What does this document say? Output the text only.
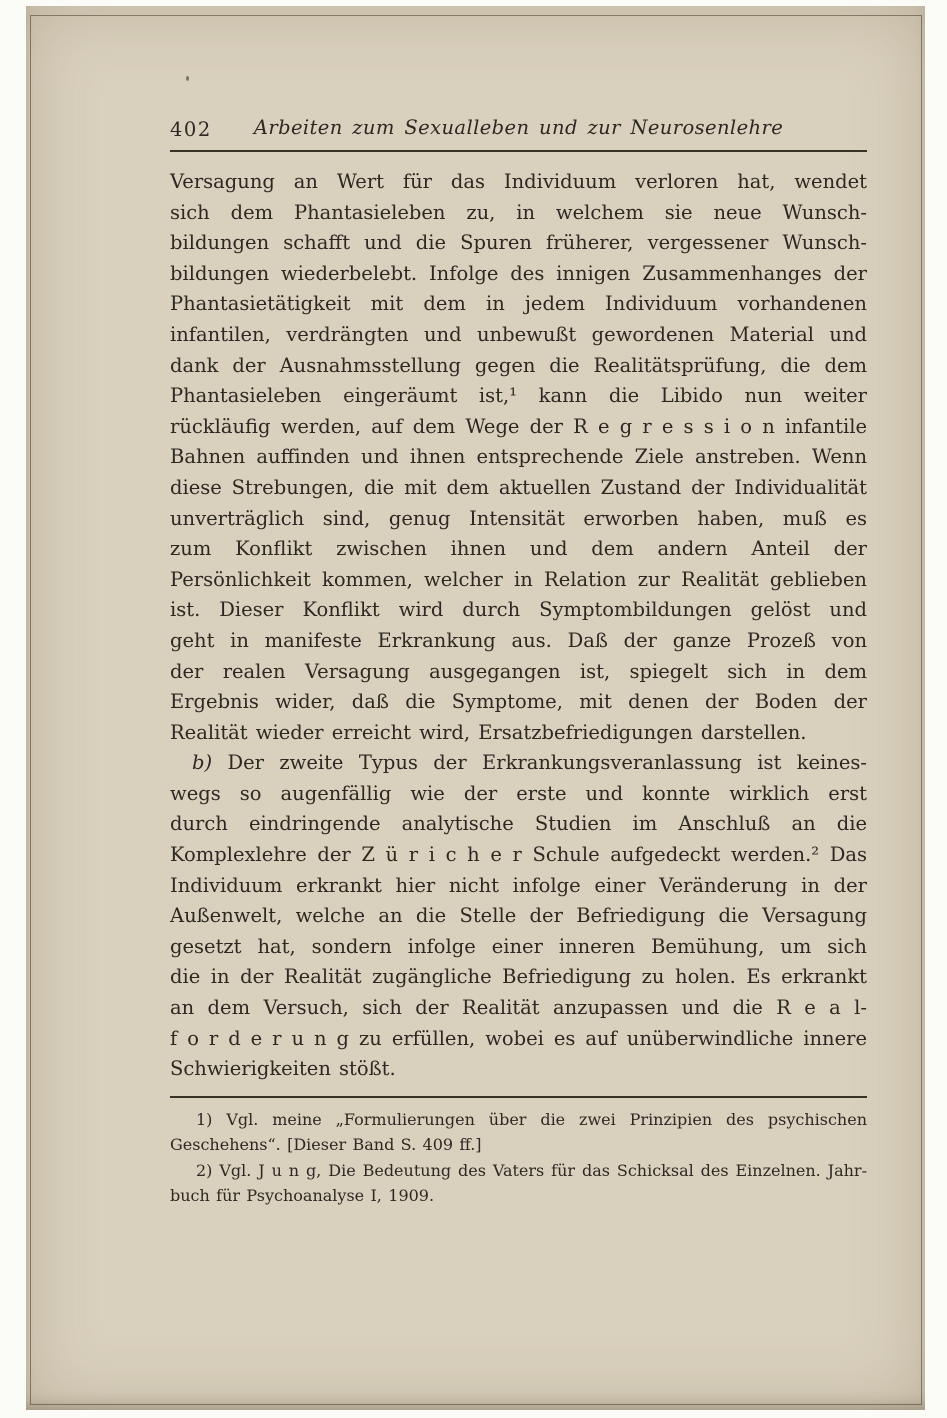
402	Arbeiten zum Sexualleben und zur Neurosenlehre
Versagung an Wert für das Individuum verloren hat, wendet
sich dem Phantasieleben zu, in welchem sie neue Wunsch-
bildungen schafft und die Spuren früherer, vergessener Wunsch-
bildungen wiederbelebt. Infolge des innigen Zusammenhanges der
Phantasietätigkeit mit dem in jedem Individuum vorhandenen
infantilen, verdrängten und unbewußt gewordenen Material und
dank der Ausnahmsstellung gegen die Realitätsprüfung, die dem
Phantasieleben eingeräumt ist,¹ kann die Libido nun weiter
rückläufig werden, auf dem Wege der R e g r e s s i o n infantile
Bahnen auffinden und ihnen entsprechende Ziele anstreben. Wenn
diese Strebungen, die mit dem aktuellen Zustand der Individualität
unverträglich sind, genug Intensität erworben haben, muß es
zum Konflikt zwischen ihnen und dem andern Anteil der
Persönlichkeit kommen, welcher in Relation zur Realität geblieben
ist. Dieser Konflikt wird durch Symptombildungen gelöst und
geht in manifeste Erkrankung aus. Daß der ganze Prozeß von
der realen Versagung ausgegangen ist, spiegelt sich in dem
Ergebnis wider, daß die Symptome, mit denen der Boden der
Realität wieder erreicht wird, Ersatzbefriedigungen darstellen.
b) Der zweite Typus der Erkrankungsveranlassung ist keines-
wegs so augenfällig wie der erste und konnte wirklich erst
durch eindringende analytische Studien im Anschluß an die
Komplexlehre der Z ü r i c h e r Schule aufgedeckt werden.² Das
Individuum erkrankt hier nicht infolge einer Veränderung in der
Außenwelt, welche an die Stelle der Befriedigung die Versagung
gesetzt hat, sondern infolge einer inneren Bemühung, um sich
die in der Realität zugängliche Befriedigung zu holen. Es erkrankt
an dem Versuch, sich der Realität anzupassen und die R e a l-
f o r d e r u n g zu erfüllen, wobei es auf unüberwindliche innere
Schwierigkeiten stößt.
1) Vgl. meine „Formulierungen über die zwei Prinzipien des psychischen
Geschehens“. [Dieser Band S. 409 ff.]
2) Vgl. J u n g, Die Bedeutung des Vaters für das Schicksal des Einzelnen. Jahr-
buch für Psychoanalyse I, 1909.
